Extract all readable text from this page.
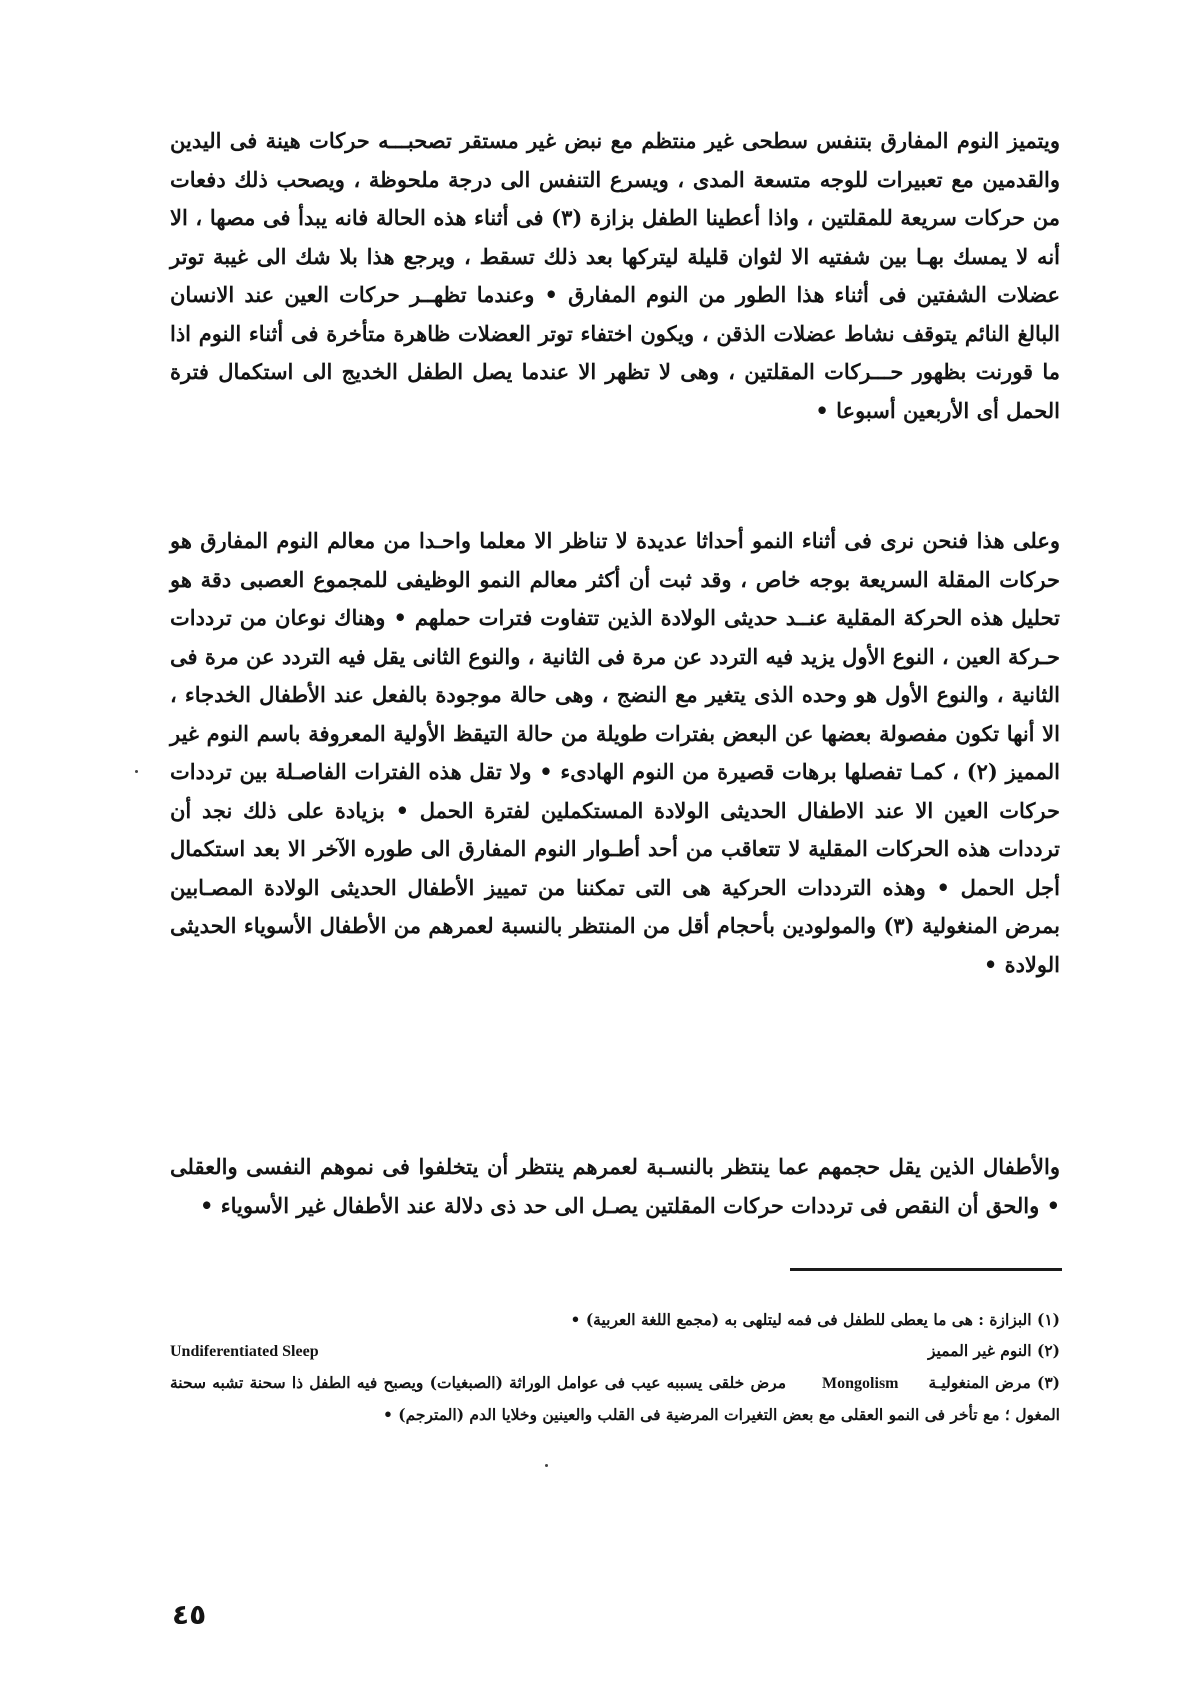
ويتميز النوم المفارق بتنفس سطحى غير منتظم مع نبض غير مستقر تصحبـــه حركات هينة فى اليدين والقدمين مع تعبيرات للوجه متسعة المدى ، ويسرع التنفس الى درجة ملحوظة ، ويصحب ذلك دفعات من حركات سريعة للمقلتين ، واذا أعطينا الطفل بزازة (٣) فى أثناء هذه الحالة فانه يبدأ فى مصها ، الا أنه لا يمسك بهـا بين شفتيه الا لثوان قليلة ليتركها بعد ذلك تسقط ، ويرجع هذا بلا شك الى غيبة توتر عضلات الشفتين فى أثناء هذا الطور من النوم المفارق • وعندما تظهــر حركات العين عند الانسان البالغ النائم يتوقف نشاط عضلات الذقن ، ويكون اختفاء توتر العضلات ظاهرة متأخرة فى أثناء النوم اذا ما قورنت بظهور حـــركات المقلتين ، وهى لا تظهر الا عندما يصل الطفل الخديج الى استكمال فترة الحمل أى الأربعين أسبوعا •

وعلى هذا فنحن نرى فى أثناء النمو أحداثا عديدة لا تناظر الا معلما واحـدا من معالم النوم المفارق هو حركات المقلة السريعة بوجه خاص ، وقد ثبت أن أكثر معالم النمو الوظيفى للمجموع العصبى دقة هو تحليل هذه الحركة المقلية عنــد حديثى الولادة الذين تتفاوت فترات حملهم • وهناك نوعان من ترددات حـركة العين ، النوع الأول يزيد فيه التردد عن مرة فى الثانية ، والنوع الثانى يقل فيه التردد عن مرة فى الثانية ، والنوع الأول هو وحده الذى يتغير مع النضج ، وهى حالة موجودة بالفعل عند الأطفال الخدجاء ، الا أنها تكون مفصولة بعضها عن البعض بفترات طويلة من حالة التيقظ الأولية المعروفة باسم النوم غير المميز (٢) ، كمـا تفصلها برهات قصيرة من النوم الهادىء • ولا تقل هذه الفترات الفاصـلة بين ترددات حركات العين الا عند الاطفال الحديثى الولادة المستكملين لفترة الحمل • بزيادة على ذلك نجد أن ترددات هذه الحركات المقلية لا تتعاقب من أحد أطـوار النوم المفارق الى طوره الآخر الا بعد استكمال أجل الحمل • وهذه الترددات الحركية هى التى تمكننا من تمييز الأطفال الحديثى الولادة المصـابين بمرض المنغولية (٣) والمولودين بأحجام أقل من المنتظر بالنسبة لعمرهم من الأطفال الأسوياء الحديثى الولادة •

والأطفال الذين يقل حجمهم عما ينتظر بالنسـبة لعمرهم ينتظر أن يتخلفوا فى نموهم النفسى والعقلى • والحق أن النقص فى ترددات حركات المقلتين يصـل الى حد ذى دلالة عند الأطفال غير الأسوياء •

(١) البزازة : هى ما يعطى للطفل فى فمه ليتلهى به (مجمع اللغة العربية) •

(٢) النوم غير المميز
Undiferentiated Sleep

(٣) مرض المنغوليـةMongolismمرض خلقى يسببه عيب فى عوامل الوراثة (الصبغيات) ويصبح فيه الطفل ذا سحنة تشبه سحنة المغول ؛ مع تأخر فى النمو العقلى مع بعض التغيرات المرضية فى القلب والعينين وخلايا الدم (المترجم) •

٤٥
